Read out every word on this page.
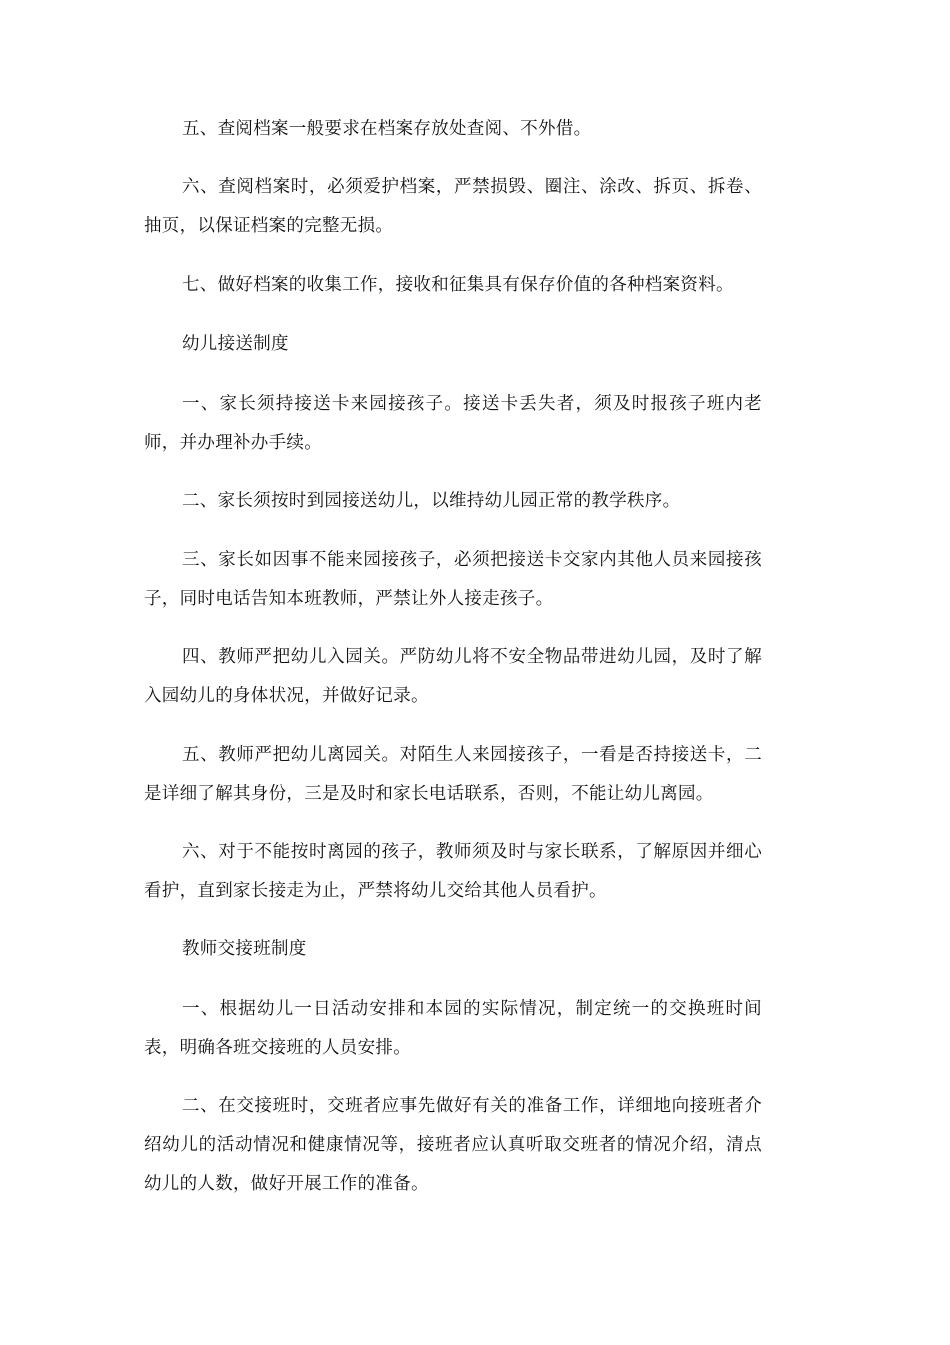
五、查阅档案一般要求在档案存放处查阅、不外借。

六、查阅档案时，必须爱护档案，严禁损毁、圈注、涂改、拆页、拆卷、抽页，以保证档案的完整无损。

七、做好档案的收集工作，接收和征集具有保存价值的各种档案资料。

幼儿接送制度

一、家长须持接送卡来园接孩子。接送卡丢失者，须及时报孩子班内老师，并办理补办手续。

二、家长须按时到园接送幼儿，以维持幼儿园正常的教学秩序。

三、家长如因事不能来园接孩子，必须把接送卡交家内其他人员来园接孩子，同时电话告知本班教师，严禁让外人接走孩子。

四、教师严把幼儿入园关。严防幼儿将不安全物品带进幼儿园，及时了解入园幼儿的身体状况，并做好记录。

五、教师严把幼儿离园关。对陌生人来园接孩子，一看是否持接送卡，二是详细了解其身份，三是及时和家长电话联系，否则，不能让幼儿离园。

六、对于不能按时离园的孩子，教师须及时与家长联系，了解原因并细心看护，直到家长接走为止，严禁将幼儿交给其他人员看护。

教师交接班制度

一、根据幼儿一日活动安排和本园的实际情况，制定统一的交换班时间表，明确各班交接班的人员安排。

二、在交接班时，交班者应事先做好有关的准备工作，详细地向接班者介绍幼儿的活动情况和健康情况等，接班者应认真听取交班者的情况介绍，清点幼儿的人数，做好开展工作的准备。
